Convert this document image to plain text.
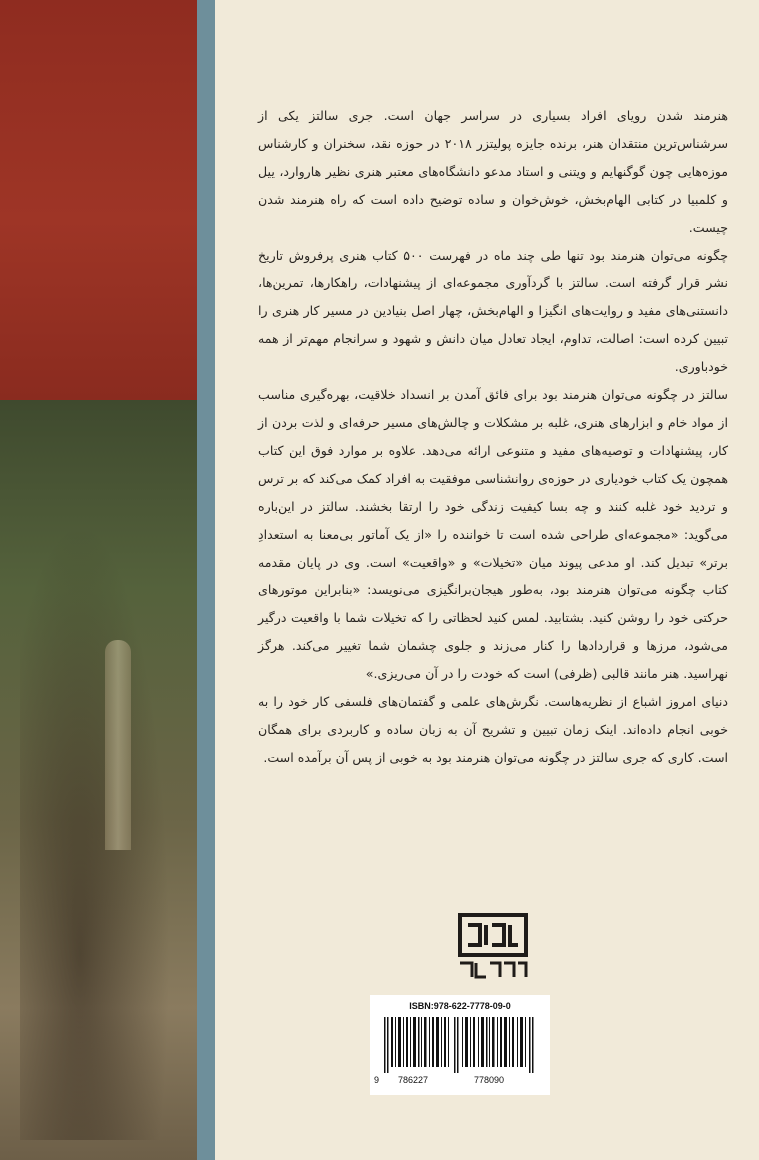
هنرمند شدن رویای افراد بسیاری در سراسر جهان است. جری سالتز یکی از سرشناس‌ترین منتقدان هنر، برنده جایزه پولیتزر ۲۰۱۸ در حوزه نقد، سخنران و کارشناس موزه‌هایی چون گوگنهایم و ویتنی و استاد مدعو دانشگاه‌های معتبر هنری نظیر هاروارد، ییل و کلمبیا در کتابی الهام‌بخش، خوش‌خوان و ساده توضیح داده است که راه هنرمند شدن چیست.

چگونه می‌توان هنرمند بود تنها طی چند ماه در فهرست ۵۰۰ کتاب هنری پرفروش تاریخ نشر قرار گرفته است. سالتز با گردآوری مجموعه‌ای از پیشنهادات، راهکارها، تمرین‌ها، دانستنی‌های مفید و روایت‌های انگیزا و الهام‌بخش، چهار اصل بنیادین در مسیر کار هنری را تبیین کرده است: اصالت، تداوم، ایجاد تعادل میان دانش و شهود و سرانجام مهم‌تر از همه خودباوری.

سالتز در چگونه می‌توان هنرمند بود برای فائق آمدن بر انسداد خلاقیت، بهره‌گیری مناسب از مواد خام و ابزارهای هنری، غلبه بر مشکلات و چالش‌های مسیر حرفه‌ای و لذت بردن از کار، پیشنهادات و توصیه‌های مفید و متنوعی ارائه می‌دهد. علاوه بر موارد فوق این کتاب همچون یک کتاب خودیاری در حوزه‌ی روانشناسی موفقیت به افراد کمک می‌کند که بر ترس و تردید خود غلبه کنند و چه بسا کیفیت زندگی خود را ارتقا بخشند. سالتز در این‌باره می‌گوید: «مجموعه‌ای طراحی شده است تا خواننده را «از یک آماتور بی‌معنا به استعدادِ برتر» تبدیل کند. او مدعی پیوند میان «تخیلات» و «واقعیت» است. وی در پایان مقدمه کتاب چگونه می‌توان هنرمند بود، به‌طور هیجان‌برانگیزی می‌نویسد: «بنابراین موتورهای حرکتی خود را روشن کنید. بشتابید. لمس کنید لحظاتی را که تخیلات شما با واقعیت درگیر می‌شود، مرزها و قراردادها را کنار می‌زند و جلوی چشمان شما تغییر می‌کند. هرگز نهراسید. هنر مانند قالبی (ظرفی) است که خودت را در آن می‌ریزی.»

دنیای امروز اشباع از نظریه‌هاست. نگرش‌های علمی و گفتمان‌های فلسفی کار خود را به خوبی انجام داده‌اند. اینک زمان تبیین و تشریح آن به زبان ساده و کاربردی برای همگان است. کاری که جری سالتز در چگونه می‌توان هنرمند بود به خوبی از پس آن برآمده است.

ISBN:978-622-7778-09-0
9 786227	778090
